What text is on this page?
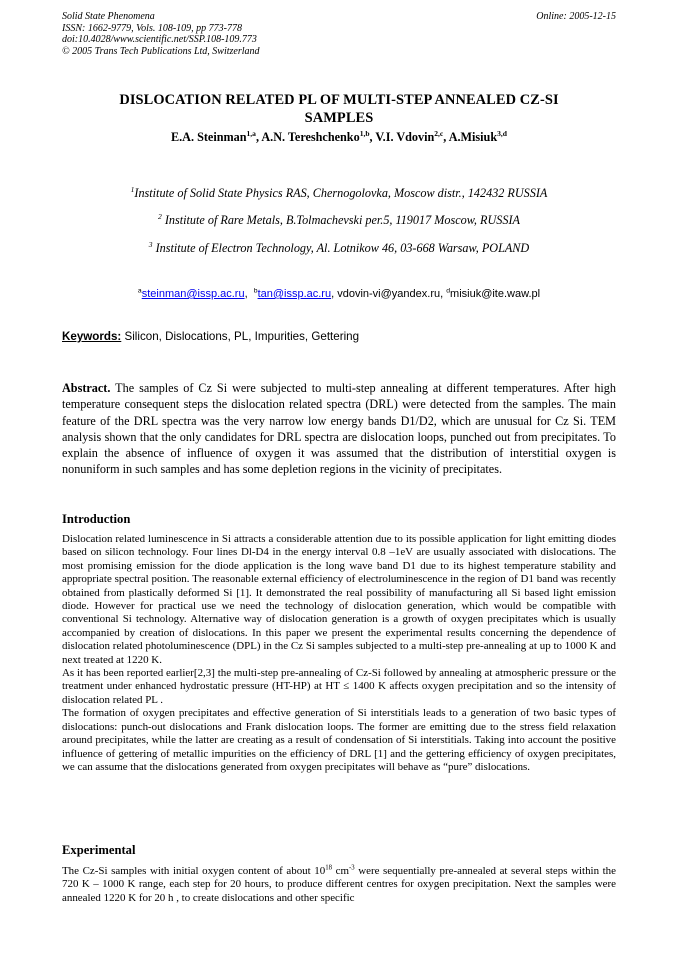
Solid State Phenomena
ISSN: 1662-9779, Vols. 108-109, pp 773-778
doi:10.4028/www.scientific.net/SSP.108-109.773
© 2005 Trans Tech Publications Ltd, Switzerland
Online: 2005-12-15
DISLOCATION RELATED PL OF MULTI-STEP ANNEALED CZ-SI
SAMPLES
E.A. Steinman$^{1,a}$, A.N. Tereshchenko$^{1,b}$, V.I. Vdovin$^{2,c}$, A.Misiuk$^{3,d}$
$^1$Institute of Solid State Physics RAS, Chernogolovka, Moscow distr., 142432 RUSSIA
$^2$ Institute of Rare Metals, B.Tolmachevski per.5, 119017 Moscow, RUSSIA
$^3$ Institute of Electron Technology, Al. Lotnikow 46, 03-668 Warsaw, POLAND
$^a$steinman@issp.ac.ru,  $^b$tan@issp.ac.ru, vdovin-vi@yandex.ru, $^d$misiuk@ite.waw.pl
Keywords: Silicon, Dislocations, PL, Impurities, Gettering

Abstract. The samples of Cz Si were subjected to multi-step annealing at different temperatures. After high temperature consequent steps the dislocation related spectra (DRL) were detected from the samples. The main feature of the DRL spectra was the very narrow low energy bands D1/D2, which are unusual for Cz Si. TEM analysis shown that the only candidates for DRL spectra are dislocation loops, punched out from precipitates. To explain the absence of influence of oxygen it was assumed that the distribution of interstitial oxygen is nonuniform in such samples and has some depletion regions in the vicinity of precipitates.

Introduction

Dislocation related luminescence in Si attracts a considerable attention due to its possible application for light emitting diodes based on silicon technology. Four lines Dl-D4 in the energy interval 0.8 –1eV are usually associated with dislocations. The most promising emission for the diode application is the long wave band D1 due to its highest temperature stability and appropriate spectral position. The reasonable external efficiency of electroluminescence in the region of D1 band was recently obtained from plastically deformed Si [1]. It demonstrated the real possibility of manufacturing all Si based light emission diode. However for practical use we need the technology of dislocation generation, which would be compatible with conventional Si technology. Alternative way of dislocation generation is a growth of oxygen precipitates which is usually accompanied by creation of dislocations. In this paper we present the experimental results concerning the dependence of dislocation related photoluminescence (DPL) in the Cz Si samples subjected to a multi-step pre-annealing at up to 1000 K and next treated at 1220 K.

As it has been reported earlier[2,3] the multi-step pre-annealing of Cz-Si followed by annealing at atmospheric pressure or the treatment under enhanced hydrostatic pressure (HT-HP) at HT ≤ 1400 K affects oxygen precipitation and so the intensity of dislocation related PL .

The formation of oxygen precipitates and effective generation of Si interstitials leads to a generation of two basic types of dislocations: punch-out dislocations and Frank dislocation loops. The former are emitting due to the stress field relaxation around precipitates, while the latter are creating as a result of condensation of Si interstitials. Taking into account the positive influence of gettering of metallic impurities on the efficiency of DRL [1] and the gettering efficiency of oxygen precipitates, we can assume that the dislocations generated from oxygen precipitates will behave as “pure” dislocations.

Experimental

The Cz-Si samples with initial oxygen content of about $10^{18}$ $cm^{-3}$ were sequentially pre-annealed at several steps within the 720 K – 1000 K range, each step for 20 hours, to produce different centres for oxygen precipitation. Next the samples were annealed 1220 K for 20 h , to create dislocations and other specific
